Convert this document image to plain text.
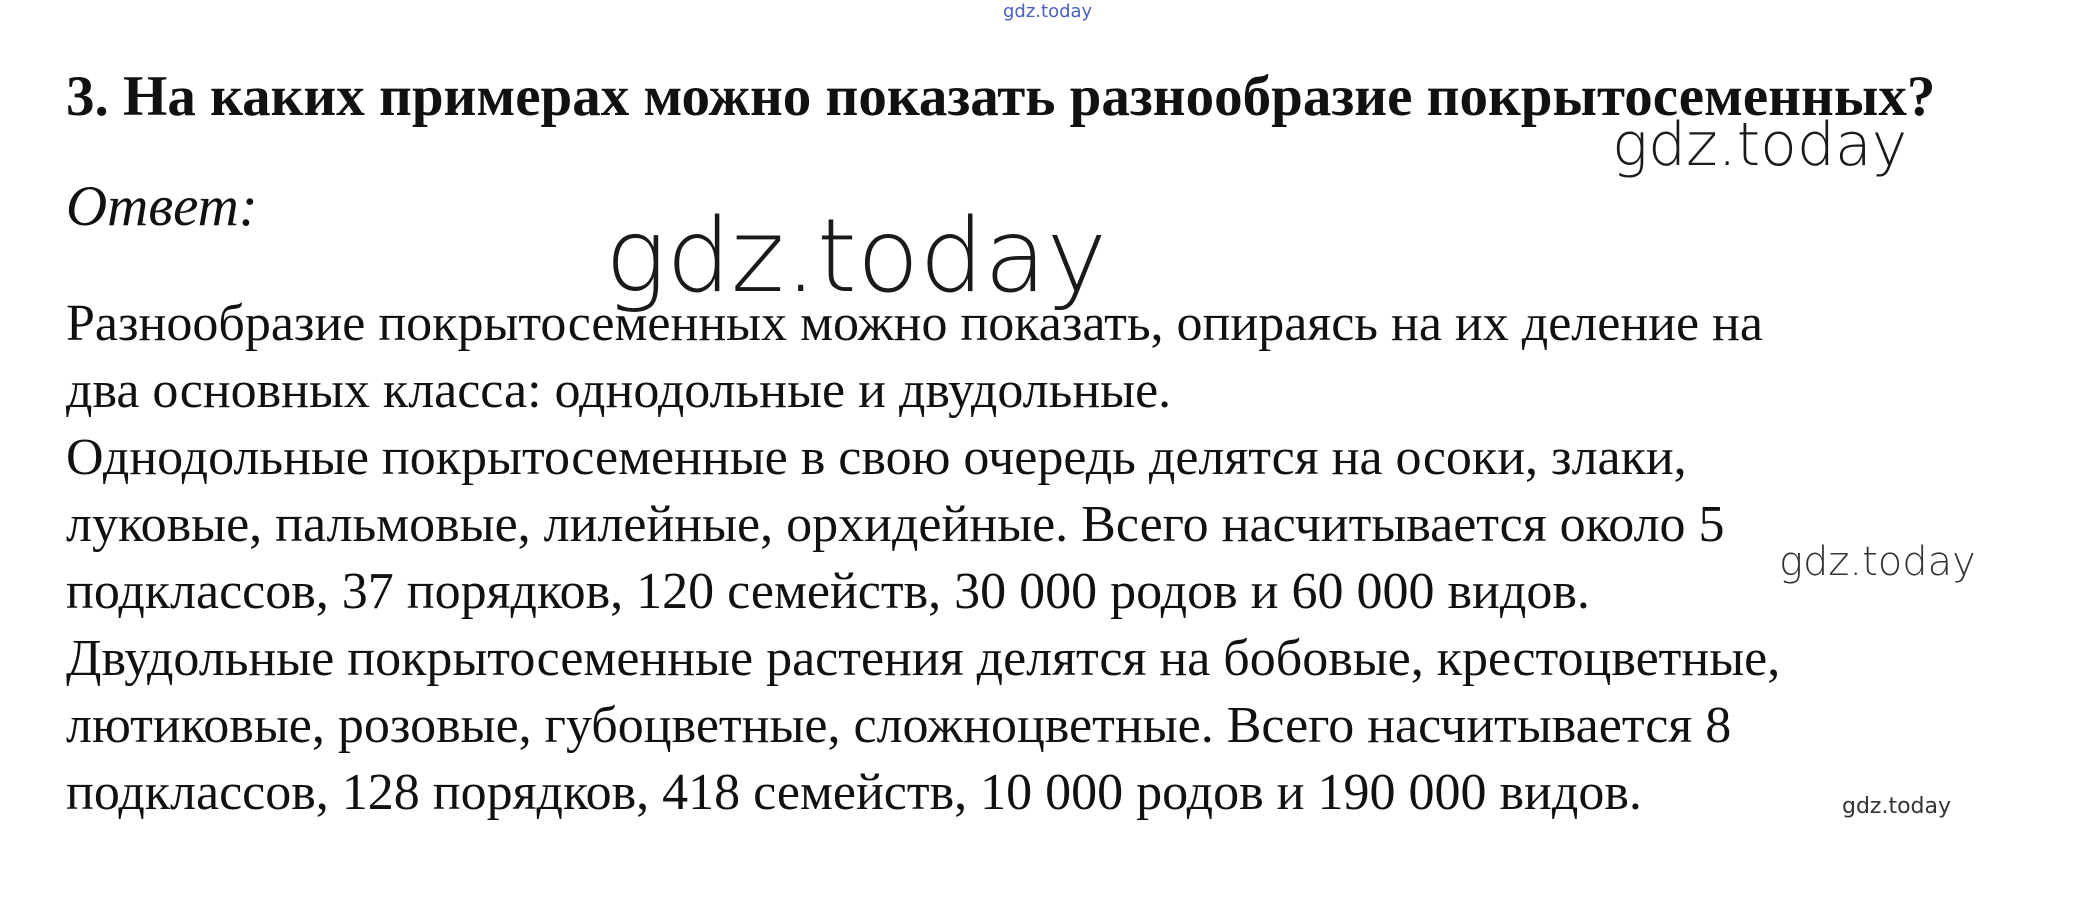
gdz.today
3. На каких примерах можно показать разнообразие покрытосеменных?
gdz.today
Ответ:
Разнообразие покрытосеменных можно показать, опираясь на их деление на
два основных класса: однодольные и двудольные.
Однодольные покрытосеменные в свою очередь делятся на осоки, злаки,
луковые, пальмовые, лилейные, орхидейные. Всего насчитывается около 5
подклассов, 37 порядков, 120 семейств, 30 000 родов и 60 000 видов.
Двудольные покрытосеменные растения делятся на бобовые, крестоцветные,
лютиковые, розовые, губоцветные, сложноцветные. Всего насчитывается 8
подклассов, 128 порядков, 418 семейств, 10 000 родов и 190 000 видов.
gdz.today
gdz.today
gdz.today
